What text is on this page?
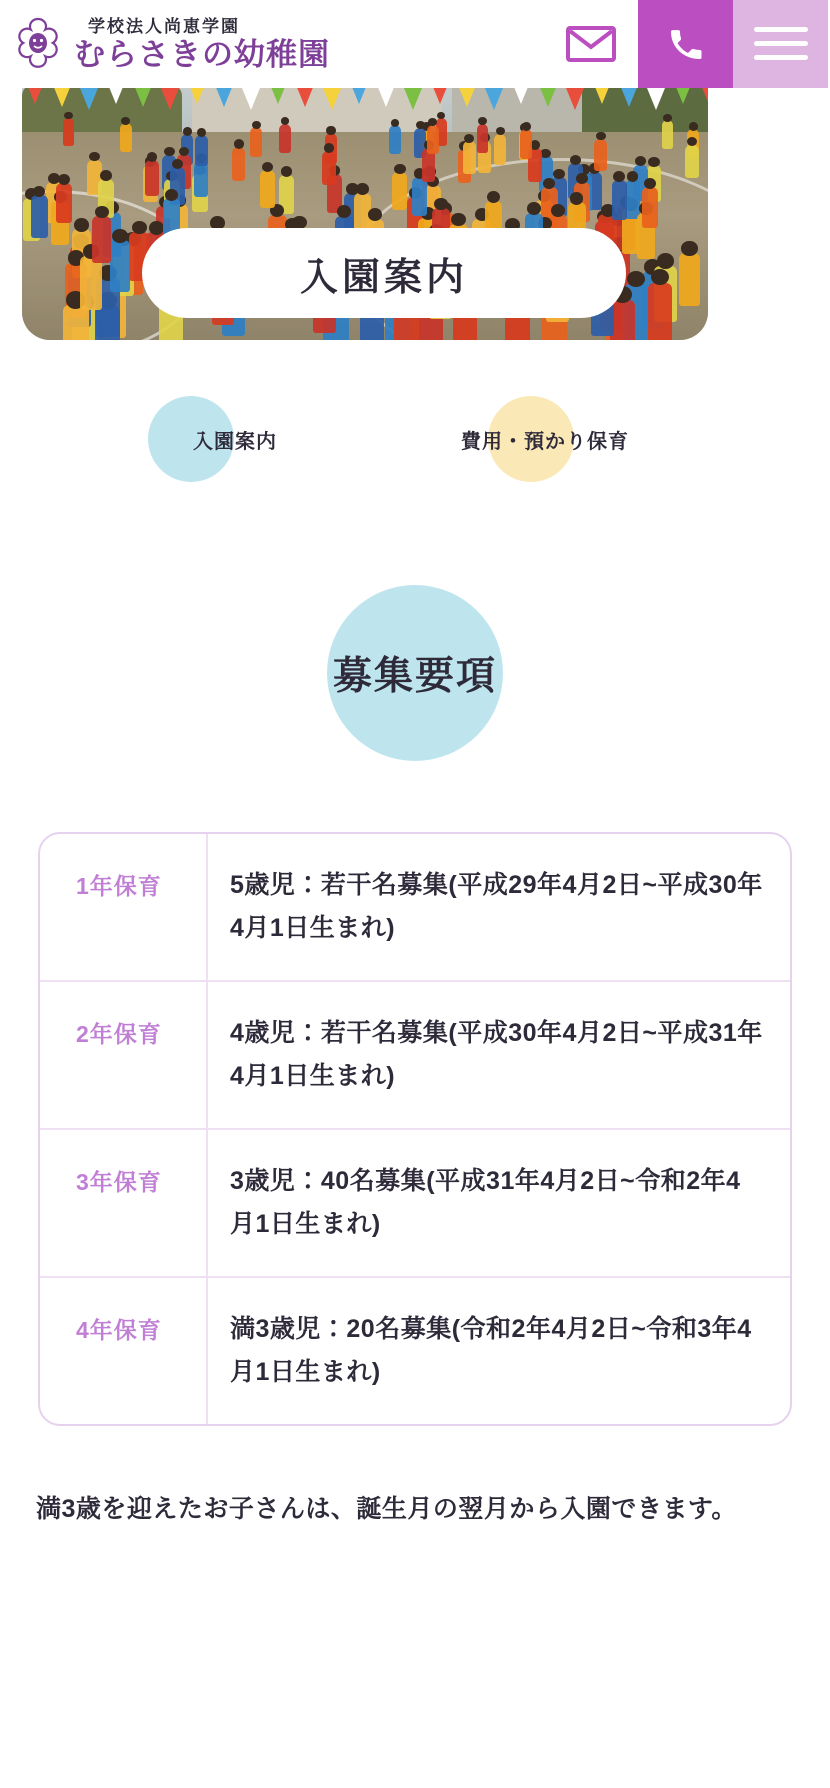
入園案内
学校法人尚恵学園
むらさきの幼稚園
入園案内	費用・預かり保育
募集要項
1年保育	5歳児：若干名募集(平成29年4月2日~平成30年4月1日生まれ)
2年保育	4歳児：若干名募集(平成30年4月2日~平成31年4月1日生まれ)
3年保育	3歳児：40名募集(平成31年4月2日~令和2年4月1日生まれ)
4年保育	満3歳児：20名募集(令和2年4月2日~令和3年4月1日生まれ)
満3歳を迎えたお子さんは、誕生月の翌月から入園できます。
